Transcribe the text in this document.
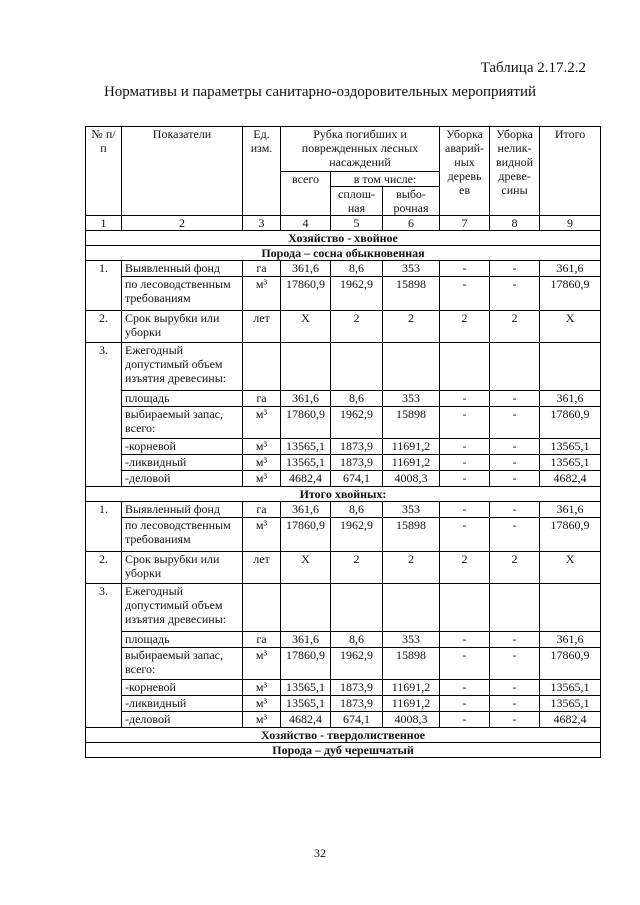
Таблица 2.17.2.2
Нормативы и параметры санитарно-оздоровительных мероприятий
№ п/п	Показатели	Ед. изм.	Рубка погибших и поврежденных лесных насаждений			Уборка аварий-ных деревь ев	Уборка нелик-видной древе-сины	Итого
			всего	в том числе:				
				сплош-ная	выбо-рочная			
1	2	3	4	5	6	7	8	9
Хозяйство - хвойное								
Порода – сосна обыкновенная								
1.	Выявленный фонд	га	361,6	8,6	353	-	-	361,6
	по лесоводственным требованиям	м³	17860,9	1962,9	15898	-	-	17860,9
2.	Срок вырубки или уборки	лет	Х	2	2	2	2	Х
3.	Ежегодный допустимый объем изъятия древесины:							
	площадь	га	361,6	8,6	353	-	-	361,6
	выбираемый запас, всего:	м³	17860,9	1962,9	15898	-	-	17860,9
	-корневой	м³	13565,1	1873,9	11691,2	-	-	13565,1
	-ликвидный	м³	13565,1	1873,9	11691,2	-	-	13565,1
	-деловой	м³	4682,4	674,1	4008,3	-	-	4682,4
Итого хвойных:								
1.	Выявленный фонд	га	361,6	8,6	353	-	-	361,6
	по лесоводственным требованиям	м³	17860,9	1962,9	15898	-	-	17860,9
2.	Срок вырубки или уборки	лет	Х	2	2	2	2	Х
3.	Ежегодный допустимый объем изъятия древесины:							
	площадь	га	361,6	8,6	353	-	-	361,6
	выбираемый запас, всего:	м³	17860,9	1962,9	15898	-	-	17860,9
	-корневой	м³	13565,1	1873,9	11691,2	-	-	13565,1
	-ликвидный	м³	13565,1	1873,9	11691,2	-	-	13565,1
	-деловой	м³	4682,4	674,1	4008,3	-	-	4682,4
Хозяйство - твердолиственное								
Порода – дуб черешчатый								
32
